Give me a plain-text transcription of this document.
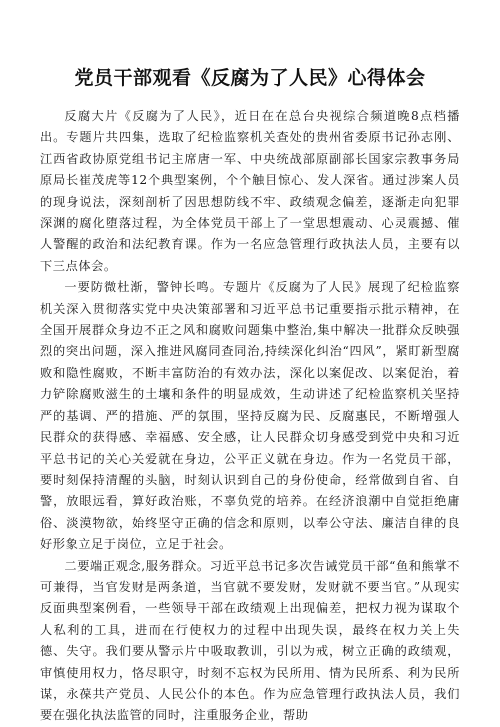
党员干部观看《反腐为了人民》心得体会

反腐大片《反腐为了人民》，近日在在总台央视综合频道晚8点档播出。专题片共四集，选取了纪检监察机关查处的贵州省委原书记孙志刚、江西省政协原党组书记主席唐一军、中央统战部原副部长国家宗教事务局原局长崔茂虎等12个典型案例，个个触目惊心、发人深省。通过涉案人员的现身说法，深刻剖析了因思想防线不牢、政绩观念偏差，逐渐走向犯罪深渊的腐化堕落过程，为全体党员干部上了一堂思想震动、心灵震撼、催人警醒的政治和法纪教育课。作为一名应急管理行政执法人员，主要有以下三点体会。

一要防微杜渐，警钟长鸣。专题片《反腐为了人民》展现了纪检监察机关深入贯彻落实党中央决策部署和习近平总书记重要指示批示精神，在全国开展群众身边不正之风和腐败问题集中整治,集中解决一批群众反映强烈的突出问题，深入推进风腐同查同治,持续深化纠治“四风”，紧盯新型腐败和隐性腐败，不断丰富防治的有效办法，深化以案促改、以案促治，着力铲除腐败滋生的土壤和条件的明显成效，生动讲述了纪检监察机关坚持严的基调、严的措施、严的氛围，坚持反腐为民、反腐惠民，不断增强人民群众的获得感、幸福感、安全感，让人民群众切身感受到党中央和习近平总书记的关心关爱就在身边，公平正义就在身边。作为一名党员干部，要时刻保持清醒的头脑，时刻认识到自己的身份使命，经常做到自省、自警，放眼远看，算好政治账，不辜负党的培养。在经济浪潮中自觉拒绝庸俗、淡漠物欲，始终坚守正确的信念和原则，以奉公守法、廉洁自律的良好形象立足于岗位，立足于社会。

二要端正观念,服务群众。习近平总书记多次告诫党员干部“鱼和熊掌不可兼得，当官发财是两条道，当官就不要发财，发财就不要当官。”从现实反面典型案例看，一些领导干部在政绩观上出现偏差，把权力视为谋取个人私利的工具，进而在行使权力的过程中出现失误，最终在权力关上失德、失守。我们要从警示片中吸取教训，引以为戒，树立正确的政绩观，审慎使用权力，恪尽职守，时刻不忘权为民所用、情为民所系、利为民所谋，永葆共产党员、人民公仆的本色。作为应急管理行政执法人员，我们要在强化执法监管的同时，注重服务企业，帮助
